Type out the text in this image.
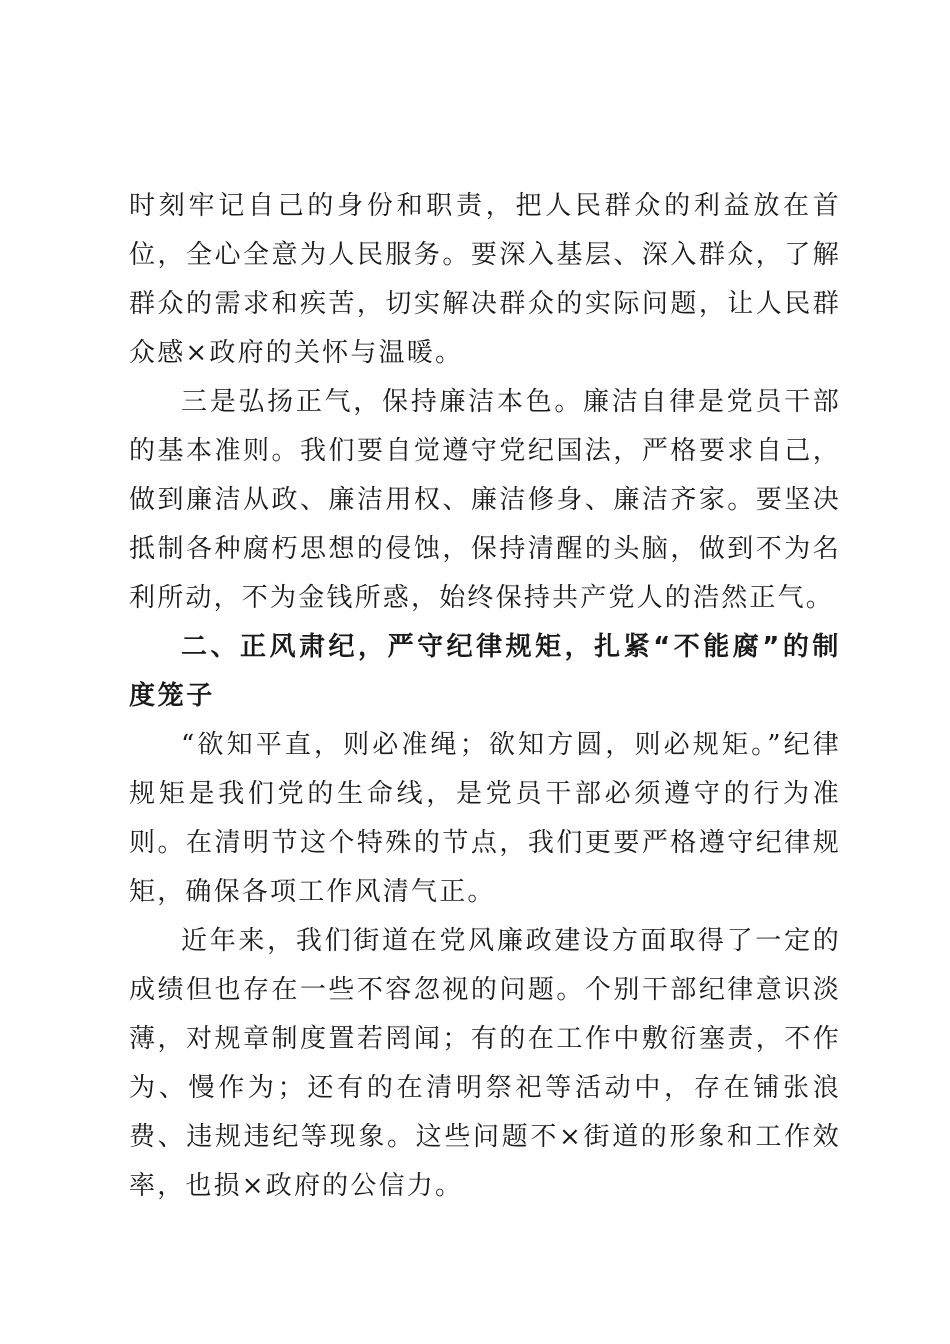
时刻牢记自己的身份和职责，把人民群众的利益放在首位，全心全意为人民服务。要深入基层、深入群众，了解群众的需求和疾苦，切实解决群众的实际问题，让人民群众感×政府的关怀与温暖。

三是弘扬正气，保持廉洁本色。廉洁自律是党员干部的基本准则。我们要自觉遵守党纪国法，严格要求自己，做到廉洁从政、廉洁用权、廉洁修身、廉洁齐家。要坚决抵制各种腐朽思想的侵蚀，保持清醒的头脑，做到不为名利所动，不为金钱所惑，始终保持共产党人的浩然正气。

二、正风肃纪，严守纪律规矩，扎紧“不能腐”的制度笼子

“欲知平直，则必准绳；欲知方圆，则必规矩。”纪律规矩是我们党的生命线，是党员干部必须遵守的行为准则。在清明节这个特殊的节点，我们更要严格遵守纪律规矩，确保各项工作风清气正。

近年来，我们街道在党风廉政建设方面取得了一定的成绩但也存在一些不容忽视的问题。个别干部纪律意识淡薄，对规章制度置若罔闻；有的在工作中敷衍塞责，不作为、慢作为；还有的在清明祭祀等活动中，存在铺张浪费、违规违纪等现象。这些问题不×街道的形象和工作效率，也损×政府的公信力。
